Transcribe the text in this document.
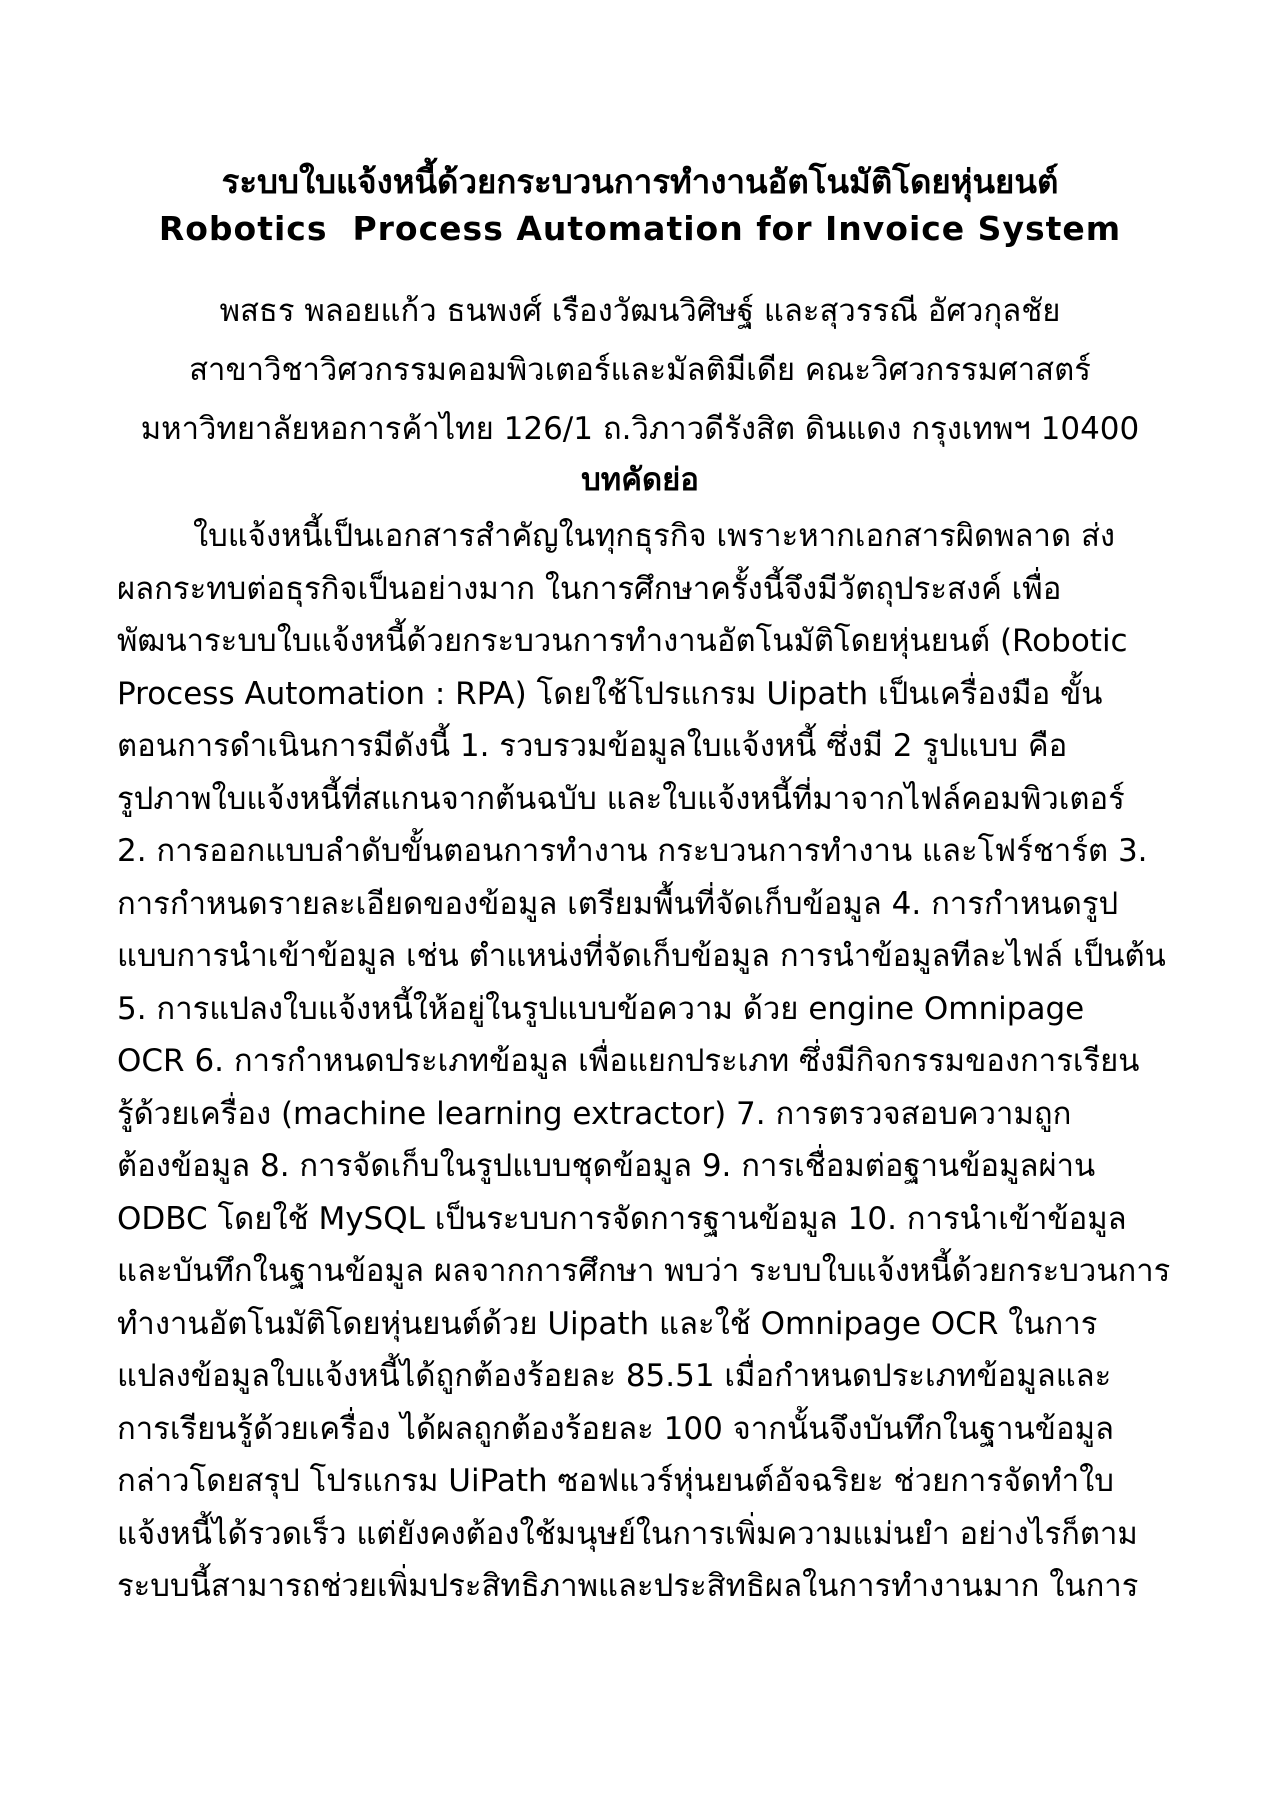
ระบบใบแจ้งหนี้ด้วยกระบวนการทำงานอัตโนมัติโดยหุ่นยนต์
Robotics  Process Automation for Invoice System
พสธร พลอยแก้ว ธนพงศ์ เรืองวัฒนวิศิษฐ์ และสุวรรณี อัศวกุลชัย
สาขาวิชาวิศวกรรมคอมพิวเตอร์และมัลติมีเดีย คณะวิศวกรรมศาสตร์
มหาวิทยาลัยหอการค้าไทย 126/1 ถ.วิภาวดีรังสิต ดินแดง กรุงเทพฯ 10400
บทคัดย่อ
ใบแจ้งหนี้เป็นเอกสารสำคัญในทุกธุรกิจ เพราะหากเอกสารผิดพลาด ส่ง
ผลกระทบต่อธุรกิจเป็นอย่างมาก ในการศึกษาครั้งนี้จึงมีวัตถุประสงค์ เพื่อ
พัฒนาระบบใบแจ้งหนี้ด้วยกระบวนการทำงานอัตโนมัติโดยหุ่นยนต์ (Robotic
Process Automation : RPA) โดยใช้โปรแกรม Uipath เป็นเครื่องมือ ขั้น
ตอนการดำเนินการมีดังนี้ 1. รวบรวมข้อมูลใบแจ้งหนี้ ซึ่งมี 2 รูปแบบ คือ
รูปภาพใบแจ้งหนี้ที่สแกนจากต้นฉบับ และใบแจ้งหนี้ที่มาจากไฟล์คอมพิวเตอร์
2. การออกแบบลำดับขั้นตอนการทำงาน กระบวนการทำงาน และโฟร์ชาร์ต 3.
การกำหนดรายละเอียดของข้อมูล เตรียมพื้นที่จัดเก็บข้อมูล 4. การกำหนดรูป
แบบการนำเข้าข้อมูล เช่น ตำแหน่งที่จัดเก็บข้อมูล การนำข้อมูลทีละไฟล์ เป็นต้น
5. การแปลงใบแจ้งหนี้ให้อยู่ในรูปแบบข้อความ ด้วย engine Omnipage
OCR 6. การกำหนดประเภทข้อมูล เพื่อแยกประเภท ซึ่งมีกิจกรรมของการเรียน
รู้ด้วยเครื่อง (machine learning extractor) 7. การตรวจสอบความถูก
ต้องข้อมูล 8. การจัดเก็บในรูปแบบชุดข้อมูล 9. การเชื่อมต่อฐานข้อมูลผ่าน
ODBC โดยใช้ MySQL เป็นระบบการจัดการฐานข้อมูล 10. การนำเข้าข้อมูล
และบันทึกในฐานข้อมูล ผลจากการศึกษา พบว่า ระบบใบแจ้งหนี้ด้วยกระบวนการ
ทำงานอัตโนมัติโดยหุ่นยนต์ด้วย Uipath และใช้ Omnipage OCR ในการ
แปลงข้อมูลใบแจ้งหนี้ได้ถูกต้องร้อยละ 85.51 เมื่อกำหนดประเภทข้อมูลและ
การเรียนรู้ด้วยเครื่อง ได้ผลถูกต้องร้อยละ 100 จากนั้นจึงบันทึกในฐานข้อมูล
กล่าวโดยสรุป โปรแกรม UiPath ซอฟแวร์หุ่นยนต์อัจฉริยะ ช่วยการจัดทำใบ
แจ้งหนี้ได้รวดเร็ว แต่ยังคงต้องใช้มนุษย์ในการเพิ่มความแม่นยำ อย่างไรก็ตาม
ระบบนี้สามารถช่วยเพิ่มประสิทธิภาพและประสิทธิผลในการทำงานมาก ในการ
